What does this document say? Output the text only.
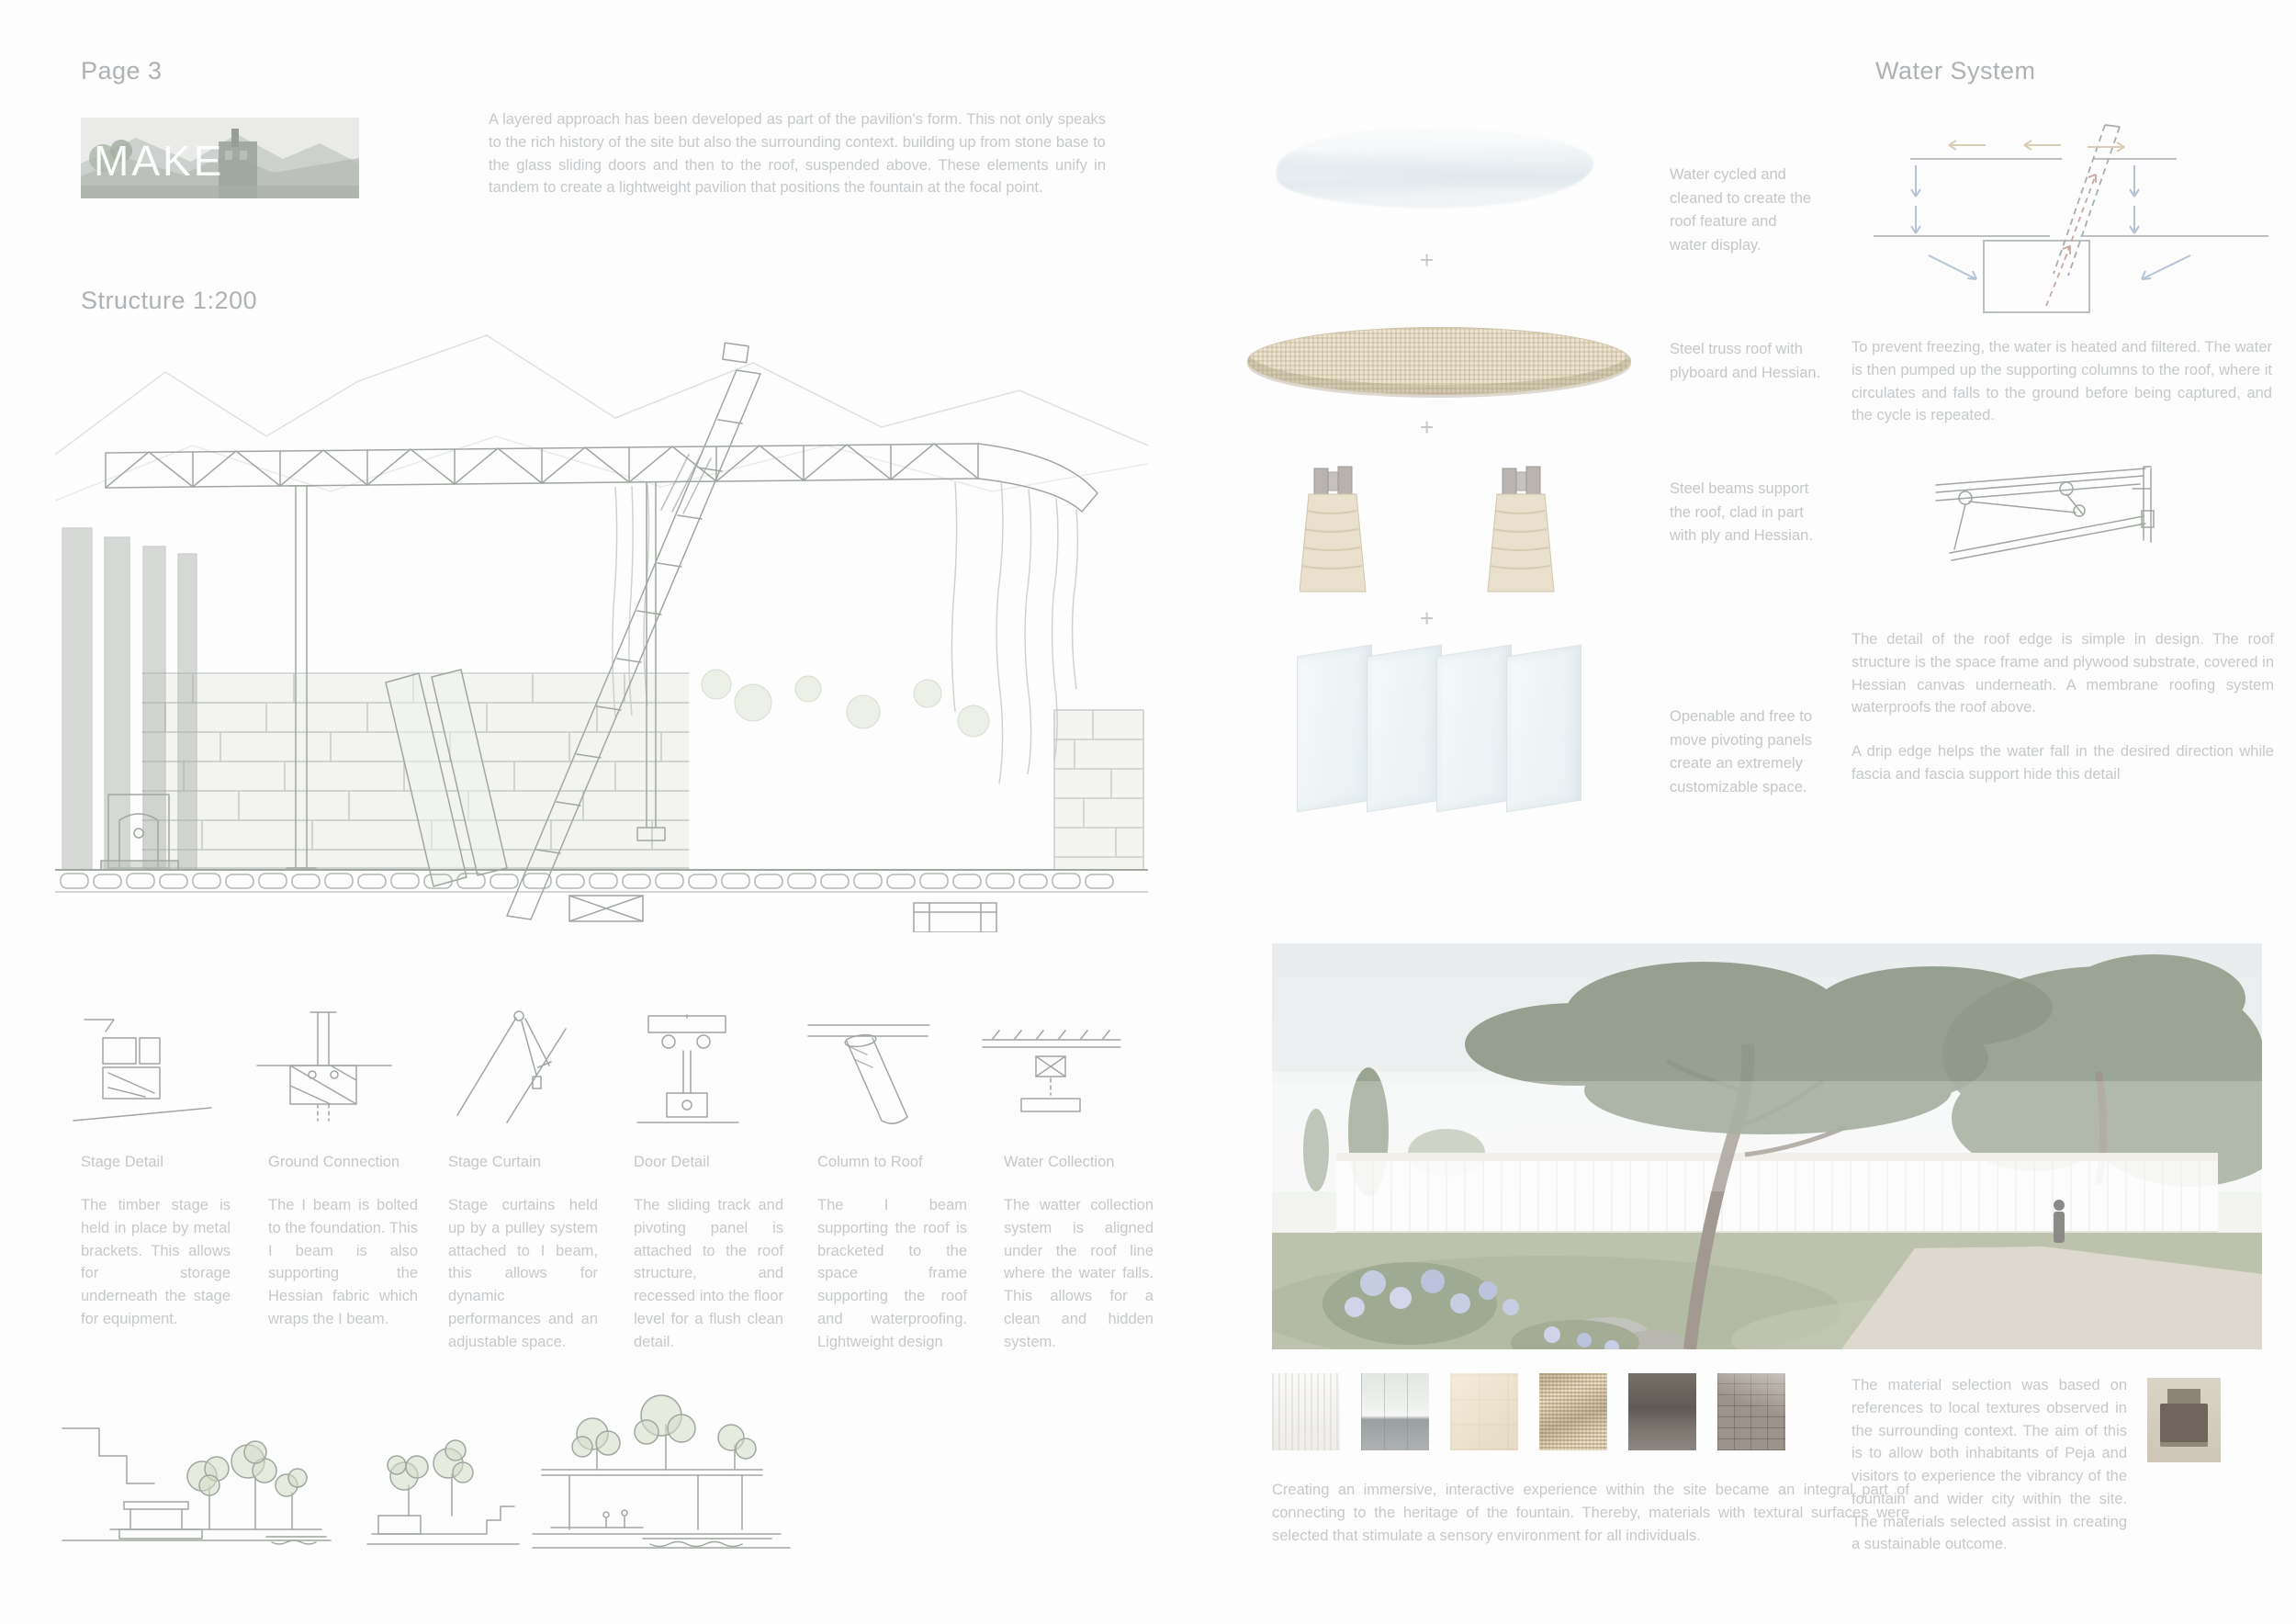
Page 3
MAKE
A layered approach has been developed as part of the pavilion's form. This not only speaks to the rich history of the site but also the surrounding context. building up from stone base to the glass sliding doors and then to the roof, suspended above. These elements unify in tandem to create a lightweight pavilion that positions the fountain at the focal point.
Structure 1:200
Stage Detail	Ground Connection	Stage Curtain	Door Detail	Column to Roof	Water Collection
The timber stage is held in place by metal brackets. This allows for storage underneath the stage for equipment.
The I beam is bolted to the foundation. This I beam is also supporting the Hessian fabric which wraps the I beam.
Stage curtains held up by a pulley system attached to I beam, this allows for dynamic performances and an adjustable space.
The sliding track and pivoting panel is attached to the roof structure, and recessed into the floor level for a flush clean detail.
The I beam supporting the roof is bracketed to the space frame supporting the roof and waterproofing. Lightweight design
The watter collection system is aligned under the roof line where the water falls. This allows for a clean and hidden system.
Water System
+
+
+
Water cycled and cleaned to create the roof feature and water display.
Steel truss roof with plyboard and Hessian.
Steel beams support the roof, clad in part with ply and Hessian.
Openable and free to move pivoting panels create an extremely customizable space.
To prevent freezing, the water is heated and filtered. The water is then pumped up the supporting columns to the roof, where it circulates and falls to the ground before being captured, and the cycle is repeated.
The detail of the roof edge is simple in design. The roof structure is the space frame and plywood substrate, covered in Hessian canvas underneath. A membrane roofing system waterproofs the roof above.
A drip edge helps the water fall in the desired direction while fascia and fascia support hide this detail
The material selection was based on references to local textures observed in the surrounding context. The aim of this is to allow both inhabitants of Peja and visitors to experience the vibrancy of the fountain and wider city within the site. The materials selected assist in creating a sustainable outcome.
Creating an immersive, interactive experience within the site became an integral part of connecting to the heritage of the fountain. Thereby, materials with textural surfaces were selected that stimulate a sensory environment for all individuals.
